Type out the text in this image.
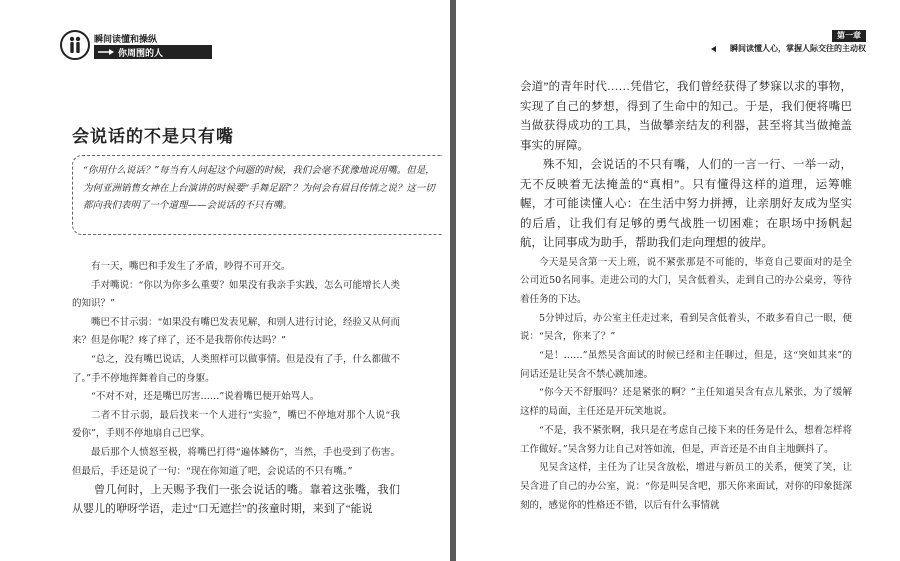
瞬间读懂和操纵
你周围的人
会说话的不是只有嘴

“你用什么说话？”每当有人问起这个问题的时候，我们会毫不犹豫地说用嘴。但是，为何亚洲销售女神在上台演讲的时候要“手舞足蹈”？为何会有眉目传情之说？这一切都向我们表明了一个道理——会说话的不只有嘴。

有一天，嘴巴和手发生了矛盾，吵得不可开交。

手对嘴说：“你以为你多么重要？如果没有我亲手实践，怎么可能增长人类的知识？”

嘴巴不甘示弱：“如果没有嘴巴发表见解，和别人进行讨论，经验又从何而来？但是你呢？疼了痒了，还不是我帮你传达吗？”

“总之，没有嘴巴说话，人类照样可以做事情。但是没有了手，什么都做不了。”手不停地挥舞着自己的身躯。

“不对不对，还是嘴巴厉害……”说着嘴巴便开始骂人。

二者不甘示弱，最后找来一个人进行“实验”，嘴巴不停地对那个人说“我爱你”，手则不停地扇自己巴掌。

最后那个人愤怒至极，将嘴巴打得“遍体鳞伤”，当然，手也受到了伤害。但最后，手还是说了一句：“现在你知道了吧，会说话的不只有嘴。”

曾几何时，上天赐予我们一张会说话的嘴。靠着这张嘴，我们从婴儿的咿呀学语，走过“口无遮拦”的孩童时期，来到了“能说

第一章
瞬间读懂人心，掌握人际交往的主动权

会道”的青年时代……凭借它，我们曾经获得了梦寐以求的事物，实现了自己的梦想，得到了生命中的知己。于是，我们便将嘴巴当做获得成功的工具，当做攀亲结友的利器，甚至将其当做掩盖事实的屏障。

殊不知，会说话的不只有嘴，人们的一言一行、一举一动，无不反映着无法掩盖的“真相”。只有懂得这样的道理，运筹帷幄，才可能读懂人心：在生活中努力拼搏，让亲朋好友成为坚实的后盾，让我们有足够的勇气战胜一切困难；在职场中扬帆起航，让同事成为助手，帮助我们走向理想的彼岸。

今天是吴含第一天上班，说不紧张那是不可能的，毕竟自己要面对的是全公司近50名同事。走进公司的大门，吴含低着头，走到自己的办公桌旁，等待着任务的下达。

5分钟过后，办公室主任走过来，看到吴含低着头，不敢多看自己一眼，便说：“吴含，你来了？”

“是！……”虽然吴含面试的时候已经和主任聊过，但是，这“突如其来”的问话还是让吴含不禁心跳加速。

“你今天不舒服吗？还是紧张的啊？”主任知道吴含有点儿紧张，为了缓解这样的局面，主任还是开玩笑地说。

“不是，我不紧张啊，我只是在考虑自己接下来的任务是什么，想着怎样将工作做好。”吴含努力让自己对答如流，但是，声音还是不由自主地颤抖了。

见吴含这样，主任为了让吴含放松，增进与新员工的关系，便笑了笑，让吴含进了自己的办公室，说：“你是叫吴含吧，那天你来面试，对你的印象挺深刻的，感觉你的性格还不错，以后有什么事情就
